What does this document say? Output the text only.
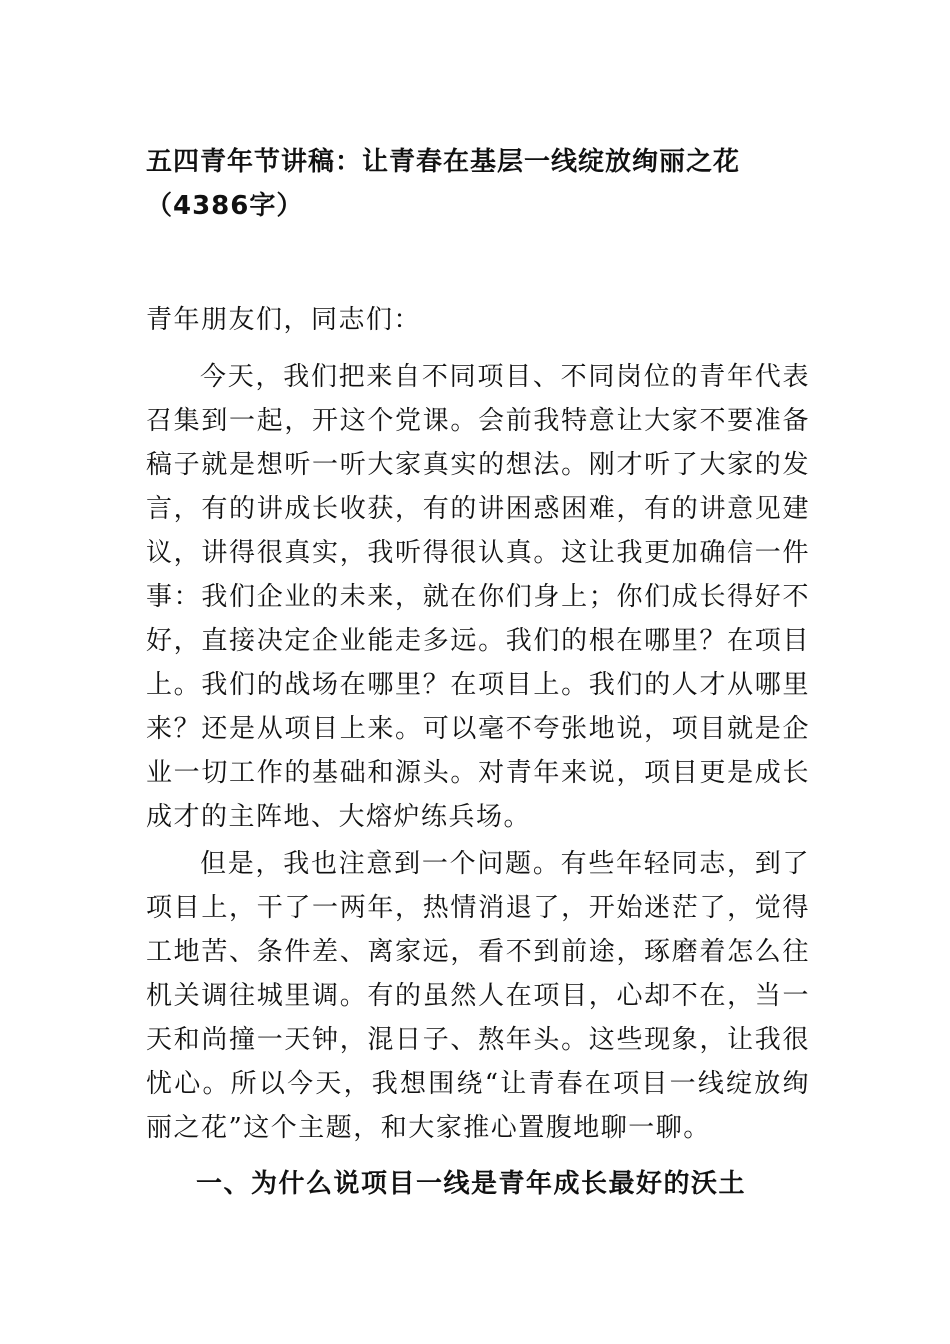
五四青年节讲稿：让青春在基层一线绽放绚丽之花（4386字）
青年朋友们，同志们：
今天，我们把来自不同项目、不同岗位的青年代表召集到一起，开这个党课。会前我特意让大家不要准备稿子就是想听一听大家真实的想法。刚才听了大家的发言，有的讲成长收获，有的讲困惑困难，有的讲意见建议，讲得很真实，我听得很认真。这让我更加确信一件事：我们企业的未来，就在你们身上；你们成长得好不好，直接决定企业能走多远。我们的根在哪里？在项目上。我们的战场在哪里？在项目上。我们的人才从哪里来？还是从项目上来。可以毫不夸张地说，项目就是企业一切工作的基础和源头。对青年来说，项目更是成长成才的主阵地、大熔炉练兵场。
但是，我也注意到一个问题。有些年轻同志，到了项目上，干了一两年，热情消退了，开始迷茫了，觉得工地苦、条件差、离家远，看不到前途，琢磨着怎么往机关调往城里调。有的虽然人在项目，心却不在，当一天和尚撞一天钟，混日子、熬年头。这些现象，让我很忧心。所以今天，我想围绕“让青春在项目一线绽放绚丽之花”这个主题，和大家推心置腹地聊一聊。
一、为什么说项目一线是青年成长最好的沃土
